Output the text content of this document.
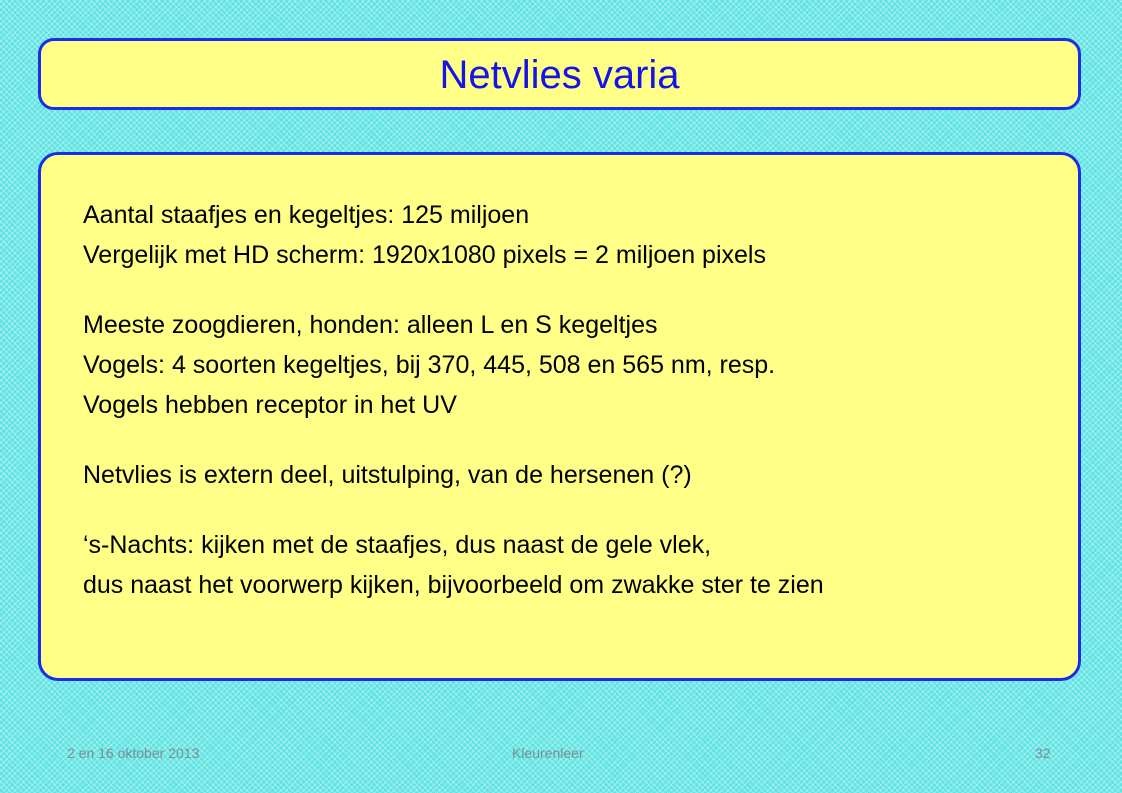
Netvlies varia
Aantal staafjes en kegeltjes: 125 miljoen
Vergelijk met HD scherm: 1920x1080 pixels = 2 miljoen pixels
Meeste zoogdieren, honden: alleen L en S kegeltjes
Vogels: 4 soorten kegeltjes, bij 370, 445, 508 en 565 nm, resp.
Vogels hebben receptor in het UV
Netvlies is extern deel, uitstulping, van de hersenen (?)
‘s-Nachts: kijken met de staafjes, dus naast de gele vlek,
dus naast het voorwerp kijken, bijvoorbeeld om zwakke ster te zien
2 en 16 oktober 2013	Kleurenleer	32
